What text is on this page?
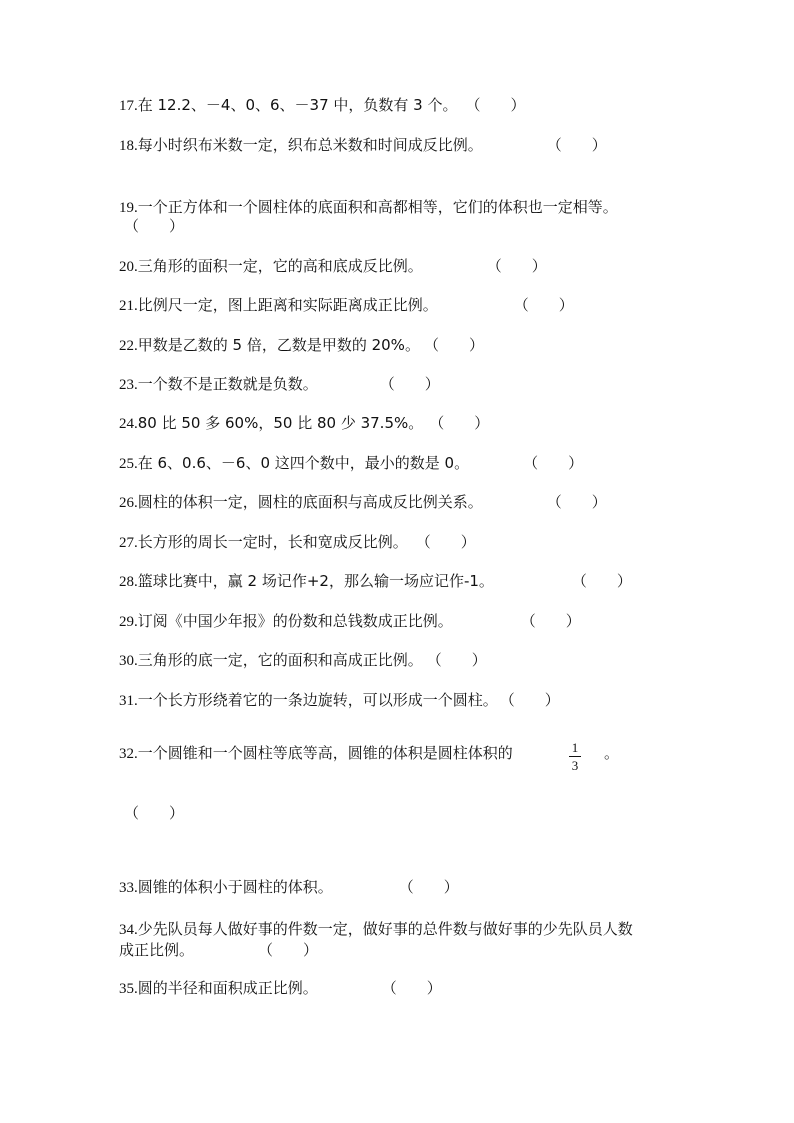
17.在 12.2、－4、0、6、－37 中，负数有 3 个。 （　　）
18.每小时织布米数一定，织布总米数和时间成反比例。	（　　）
19.一个正方体和一个圆柱体的底面积和高都相等，它们的体积也一定相等。
（　　）
20.三角形的面积一定，它的高和底成反比例。	（　　）
21.比例尺一定，图上距离和实际距离成正比例。	（　　）
22.甲数是乙数的 5 倍，乙数是甲数的 20%。 （　　）
23.一个数不是正数就是负数。	（　　）
24.80 比 50 多 60%，50 比 80 少 37.5%。 （　　）
25.在 6、0.6、－6、0 这四个数中，最小的数是 0。	（　　）
26.圆柱的体积一定，圆柱的底面积与高成反比例关系。	（　　）
27.长方形的周长一定时，长和宽成反比例。 （　　）
28.篮球比赛中，赢 2 场记作+2，那么输一场应记作-1。	（　　）
29.订阅《中国少年报》的份数和总钱数成正比例。	（　　）
30.三角形的底一定，它的面积和高成正比例。 （　　）
31.一个长方形绕着它的一条边旋转，可以形成一个圆柱。 （　　）
32.一个圆锥和一个圆柱等底等高，圆锥的体积是圆柱体积的	1
3
。
（　　）
33.圆锥的体积小于圆柱的体积。	（　　）
34.少先队员每人做好事的件数一定，做好事的总件数与做好事的少先队员人数
成正比例。	（　　）
35.圆的半径和面积成正比例。	（　　）
